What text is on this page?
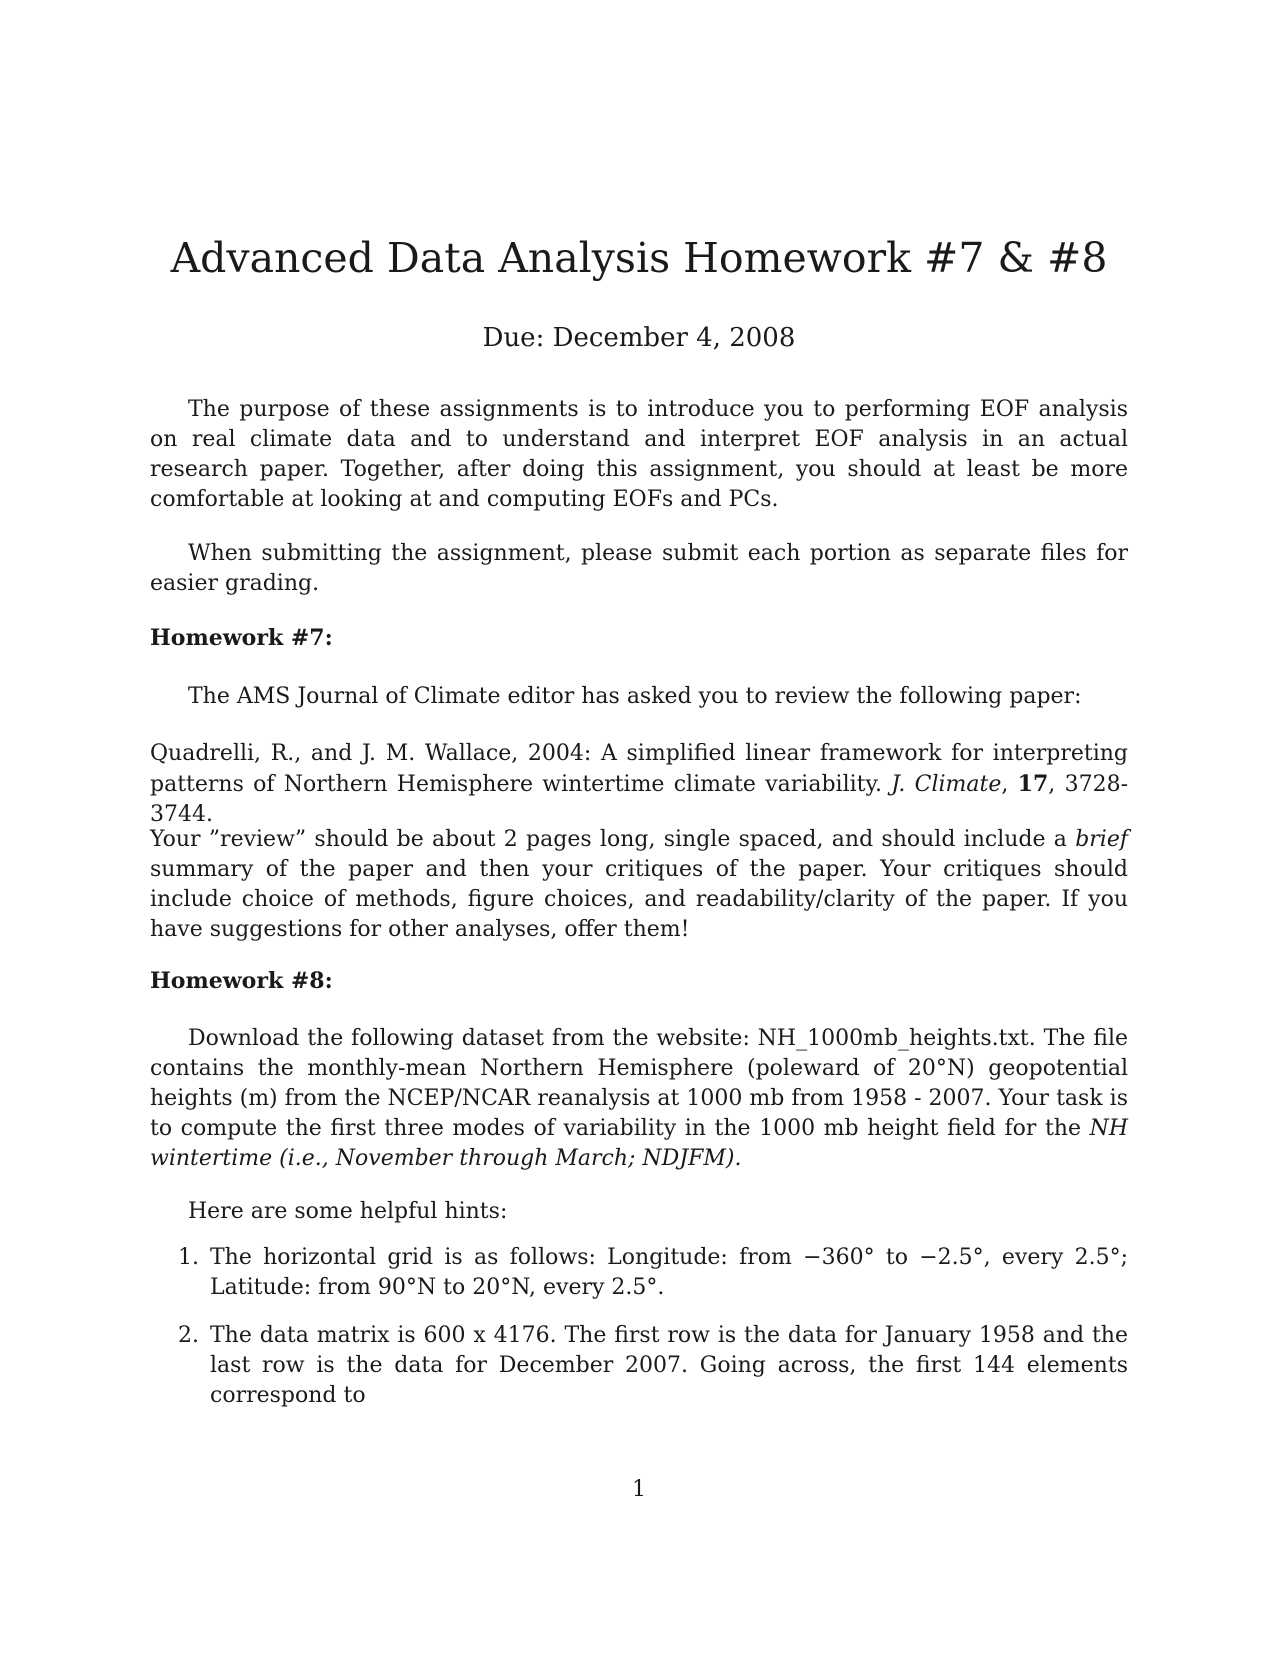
Advanced Data Analysis Homework #7 & #8

Due: December 4, 2008

The purpose of these assignments is to introduce you to performing EOF analysis on real climate data and to understand and interpret EOF analysis in an actual research paper. Together, after doing this assignment, you should at least be more comfortable at looking at and computing EOFs and PCs.

When submitting the assignment, please submit each portion as separate files for easier grading.

Homework #7:

The AMS Journal of Climate editor has asked you to review the following paper:

Quadrelli, R., and J. M. Wallace, 2004: A simplified linear framework for interpreting patterns of Northern Hemisphere wintertime climate variability. J. Climate, 17, 3728-3744.

Your ”review” should be about 2 pages long, single spaced, and should include a brief summary of the paper and then your critiques of the paper. Your critiques should include choice of methods, figure choices, and readability/clarity of the paper. If you have suggestions for other analyses, offer them!

Homework #8:

Download the following dataset from the website: NH_1000mb_heights.txt. The file contains the monthly-mean Northern Hemisphere (poleward of 20°N) geopotential heights (m) from the NCEP/NCAR reanalysis at 1000 mb from 1958 - 2007. Your task is to compute the first three modes of variability in the 1000 mb height field for the NH wintertime (i.e., November through March; NDJFM).

Here are some helpful hints:

1. The horizontal grid is as follows: Longitude: from −360° to −2.5°, every 2.5°; Latitude: from 90°N to 20°N, every 2.5°.
2. The data matrix is 600 x 4176. The first row is the data for January 1958 and the last row is the data for December 2007. Going across, the first 144 elements correspond to

1
